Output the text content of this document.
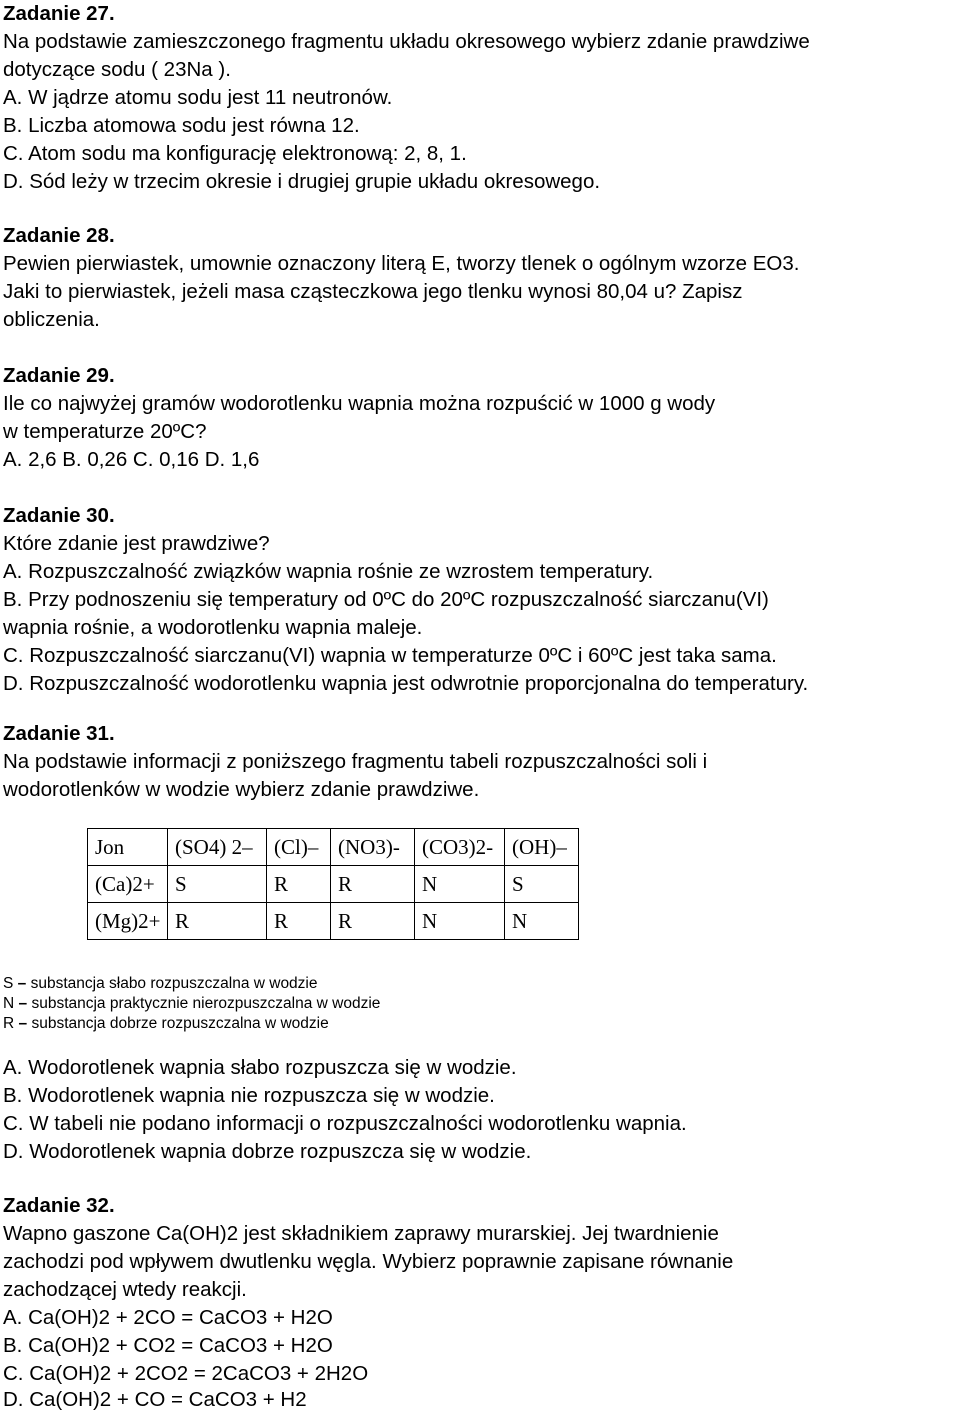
Zadanie 27.
Na podstawie zamieszczonego fragmentu układu okresowego wybierz zdanie prawdziwe
dotyczące sodu ( 23Na ).
A. W jądrze atomu sodu jest 11 neutronów.
B. Liczba atomowa sodu jest równa 12.
C. Atom sodu ma konfigurację elektronową: 2, 8, 1.
D. Sód leży w trzecim okresie i drugiej grupie układu okresowego.
Zadanie 28.
Pewien pierwiastek, umownie oznaczony literą E, tworzy tlenek o ogólnym wzorze EO3.
Jaki to pierwiastek, jeżeli masa cząsteczkowa jego tlenku wynosi 80,04 u? Zapisz
obliczenia.
Zadanie 29.
Ile co najwyżej gramów wodorotlenku wapnia można rozpuścić w 1000 g wody
w temperaturze 20ºC?
A. 2,6 B. 0,26 C. 0,16 D. 1,6
Zadanie 30.
Które zdanie jest prawdziwe?
A. Rozpuszczalność związków wapnia rośnie ze wzrostem temperatury.
B. Przy podnoszeniu się temperatury od 0ºC do 20ºC rozpuszczalność siarczanu(VI)
wapnia rośnie, a wodorotlenku wapnia maleje.
C. Rozpuszczalność siarczanu(VI) wapnia w temperaturze 0ºC i 60ºC jest taka sama.
D. Rozpuszczalność wodorotlenku wapnia jest odwrotnie proporcjonalna do temperatury.
Zadanie 31.
Na podstawie informacji z poniższego fragmentu tabeli rozpuszczalności soli i
wodorotlenków w wodzie wybierz zdanie prawdziwe.
Jon	(SO4) 2–	(Cl)–	(NO3)-	(CO3)2-	(OH)–
(Ca)2+	S	R	R	N	S
(Mg)2+	R	R	R	N	N
S – substancja słabo rozpuszczalna w wodzie
N – substancja praktycznie nierozpuszczalna w wodzie
R – substancja dobrze rozpuszczalna w wodzie
A. Wodorotlenek wapnia słabo rozpuszcza się w wodzie.
B. Wodorotlenek wapnia nie rozpuszcza się w wodzie.
C. W tabeli nie podano informacji o rozpuszczalności wodorotlenku wapnia.
D. Wodorotlenek wapnia dobrze rozpuszcza się w wodzie.
Zadanie 32.
Wapno gaszone Ca(OH)2 jest składnikiem zaprawy murarskiej. Jej twardnienie
zachodzi pod wpływem dwutlenku węgla. Wybierz poprawnie zapisane równanie
zachodzącej wtedy reakcji.
A. Ca(OH)2 + 2CO = CaCO3 + H2O
B. Ca(OH)2 + CO2 = CaCO3 + H2O
C. Ca(OH)2 + 2CO2 = 2CaCO3 + 2H2O
D. Ca(OH)2 + CO = CaCO3 + H2
